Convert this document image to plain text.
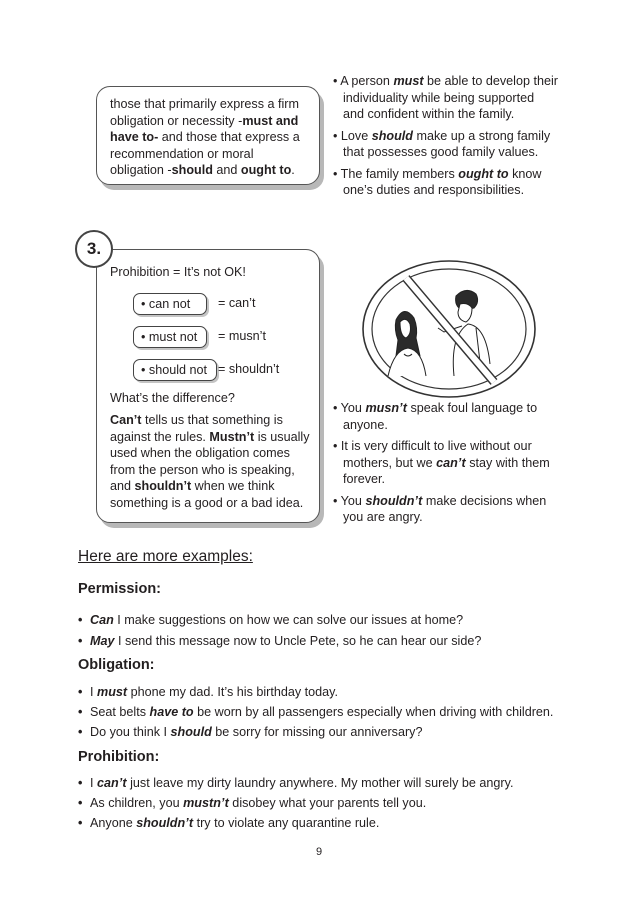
those that primarily express a firm obligation or necessity -must and have to- and those that express a recommendation or moral obligation -should and ought to.

• A person must be able to develop their individuality while being supported and confident within the family.

• Love should make up a strong family that possesses good family values.

• The family members ought to know one’s duties and responsibilities.

3.
Prohibition = It’s not OK!
• can not	= can’t
• must not	= musn’t
• should not = shouldn’t
What’s the difference?
Can’t tells us that something is against the rules. Mustn’t is usually used when the obligation comes from the person who is speaking, and shouldn’t when we think something is a good or a bad idea.

• You musn’t speak foul language to anyone.

• It is very difficult to live without our mothers, but we can’t stay with them forever.

• You shouldn’t make decisions when you are angry.

Here are more examples:
Permission:
• Can I make suggestions on how we can solve our issues at home?
• May I send this message now to Uncle Pete, so he can hear our side?
Obligation:
• I must phone my dad. It’s his birthday today.
• Seat belts have to be worn by all passengers especially when driving with children.
• Do you think I should be sorry for missing our anniversary?
Prohibition:
• I can’t just leave my dirty laundry anywhere. My mother will surely be angry.
• As children, you mustn’t disobey what your parents tell you.
• Anyone shouldn’t try to violate any quarantine rule.
9
